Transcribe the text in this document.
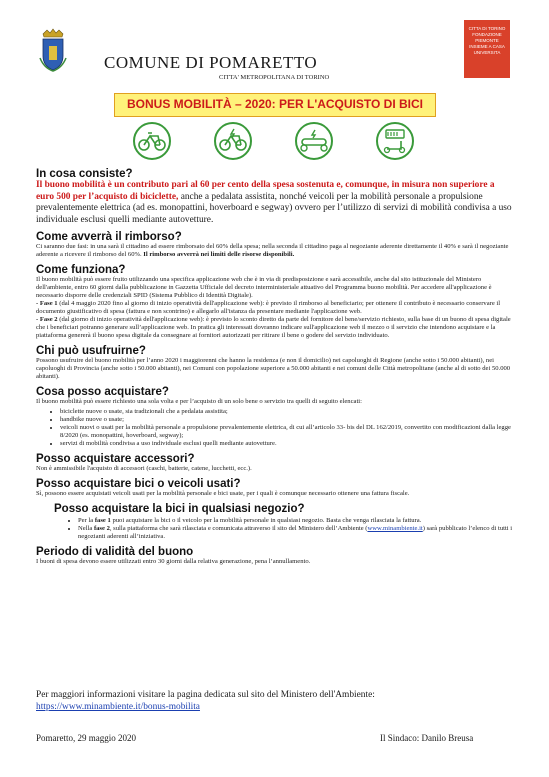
COMUNE DI POMARETTO
CITTA' METROPOLITANA DI TORINO
CITTA DI TORINO
FONDAZIONE
PIEMONTE
INSIEME A CASA
UNIVERSITA
BONUS MOBILITÀ – 2020: PER L'ACQUISTO DI BICI
In cosa consiste?

Il buono mobilità è un contributo pari al 60 per cento della spesa sostenuta e, comunque, in misura non superiore a euro 500 per l’acquisto di biciclette, anche a pedalata assistita, nonché veicoli per la mobilità personale a propulsione prevalentemente elettrica (ad es. monopattini, hoverboard e segway) ovvero per l’utilizzo di servizi di mobilità condivisa a uso individuale esclusi quelli mediante autovetture.

Come avverrà il rimborso?

Ci saranno due fasi: in una sarà il cittadino ad essere rimborsato del 60% della spesa; nella seconda il cittadino paga al negoziante aderente direttamente il 40% e sarà il negoziante aderente a ricevere il rimborso del 60%. Il rimborso avverrà nei limiti delle risorse disponibili.

Come funziona?

Il buono mobilità può essere fruito utilizzando una specifica applicazione web che è in via di predisposizione e sarà accessibile, anche dal sito istituzionale del Ministero dell'ambiente, entro 60 giorni dalla pubblicazione in Gazzetta Ufficiale del decreto interministeriale attuativo del Programma buono mobilità. Per accedere all'applicazione è necessario disporre delle credenziali SPID (Sistema Pubblico di Identità Digitale).

- Fase 1 (dal 4 maggio 2020 fino al giorno di inizio operatività dell'applicazione web): è previsto il rimborso al beneficiario; per ottenere il contributo è necessario conservare il documento giustificativo di spesa (fattura e non scontrino) e allegarlo all'istanza da presentare mediante l'applicazione web.

- Fase 2 (dal giorno di inizio operatività dell'applicazione web): è previsto lo sconto diretto da parte del fornitore del bene/servizio richiesto, sulla base di un buono di spesa digitale che i beneficiari potranno generare sull’applicazione web. In pratica gli interessati dovranno indicare sull'applicazione web il mezzo o il servizio che intendono acquistare e la piattaforma genererà il buono spesa digitale da consegnare ai fornitori autorizzati per ritirare il bene o godere del servizio individuato.

Chi può usufruirne?

Possono usufruire del buono mobilità per l’anno 2020 i maggiorenni che hanno la residenza (e non il domicilio) nei capoluoghi di Regione (anche sotto i 50.000 abitanti), nei capoluoghi di Provincia (anche sotto i 50.000 abitanti), nei Comuni con popolazione superiore a 50.000 abitanti e nei comuni delle Città metropolitane (anche al di sotto dei 50.000 abitanti).

Cosa posso acquistare?

Il buono mobilità può essere richiesto una sola volta e per l’acquisto di un solo bene o servizio tra quelli di seguito elencati:

• biciclette nuove o usate, sia tradizionali che a pedalata assistita;
• handbike nuove o usate;
• veicoli nuovi o usati per la mobilità personale a propulsione prevalentemente elettrica, di cui all’articolo 33- bis del DL 162/2019, convertito con modificazioni dalla legge 8/2020 (es. monopattini, hoverboard, segway);
• servizi di mobilità condivisa a uso individuale esclusi quelli mediante autovetture.
Posso acquistare accessori?

Non è ammissibile l'acquisto di accessori (caschi, batterie, catene, lucchetti, ecc.).

Posso acquistare bici o veicoli usati?

Sì, possono essere acquistati veicoli usati per la mobilità personale e bici usate, per i quali è comunque necessario ottenere una fattura fiscale.

Posso acquistare la bici in qualsiasi negozio?
• Per la fase 1 puoi acquistare la bici o il veicolo per la mobilità personale in qualsiasi negozio. Basta che venga rilasciata la fattura.
• Nella fase 2, sulla piattaforma che sarà rilasciata e comunicata attraverso il sito del Ministero dell’Ambiente (www.minambiente.it) sarà pubblicato l’elenco di tutti i negozianti aderenti all’iniziativa.
Periodo di validità del buono

I buoni di spesa devono essere utilizzati entro 30 giorni dalla relativa generazione, pena l’annullamento.

Per maggiori informazioni visitare la pagina dedicata sul sito del Ministero dell'Ambiente:
https://www.minambiente.it/bonus-mobilita
Pomaretto, 29 maggio 2020	Il Sindaco: Danilo Breusa
